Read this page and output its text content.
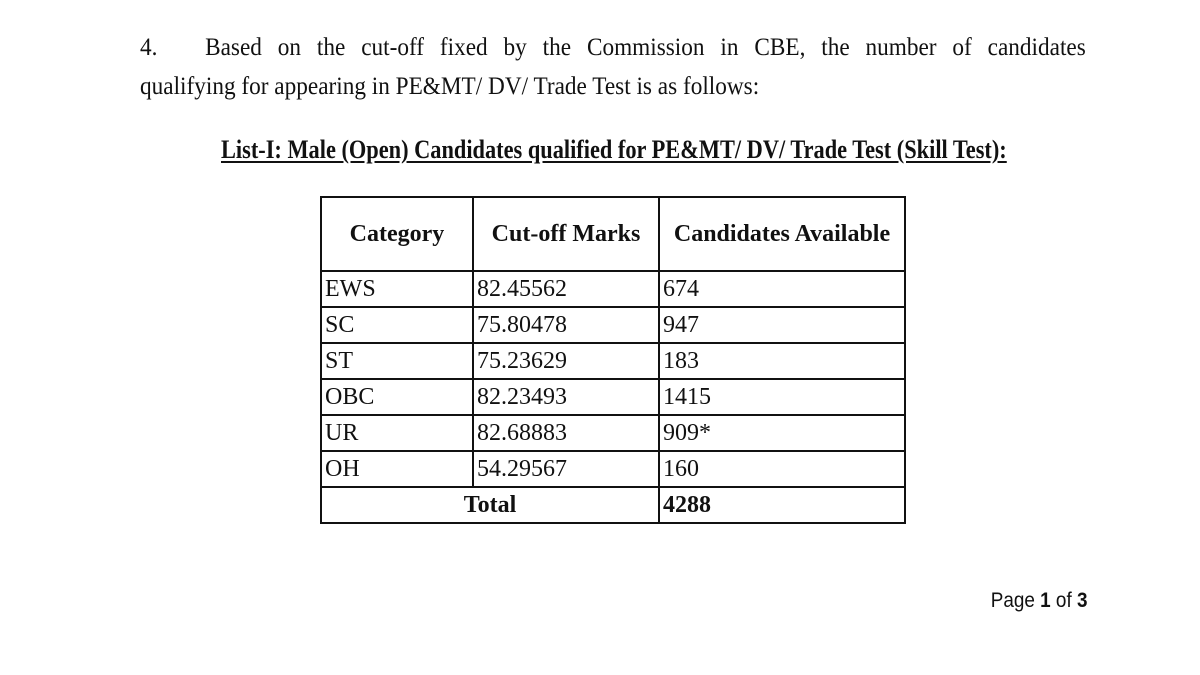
4.	Based on the cut-off fixed by the Commission in CBE, the number of candidates
qualifying for appearing in PE&MT/ DV/ Trade Test is as follows:
List-I: Male (Open) Candidates qualified for PE&MT/ DV/ Trade Test (Skill Test):
Category	Cut-off Marks	Candidates Available
EWS	82.45562	674
SC	75.80478	947
ST	75.23629	183
OBC	82.23493	1415
UR	82.68883	909*
OH	54.29567	160
Total		4288
Page 1 of 3
